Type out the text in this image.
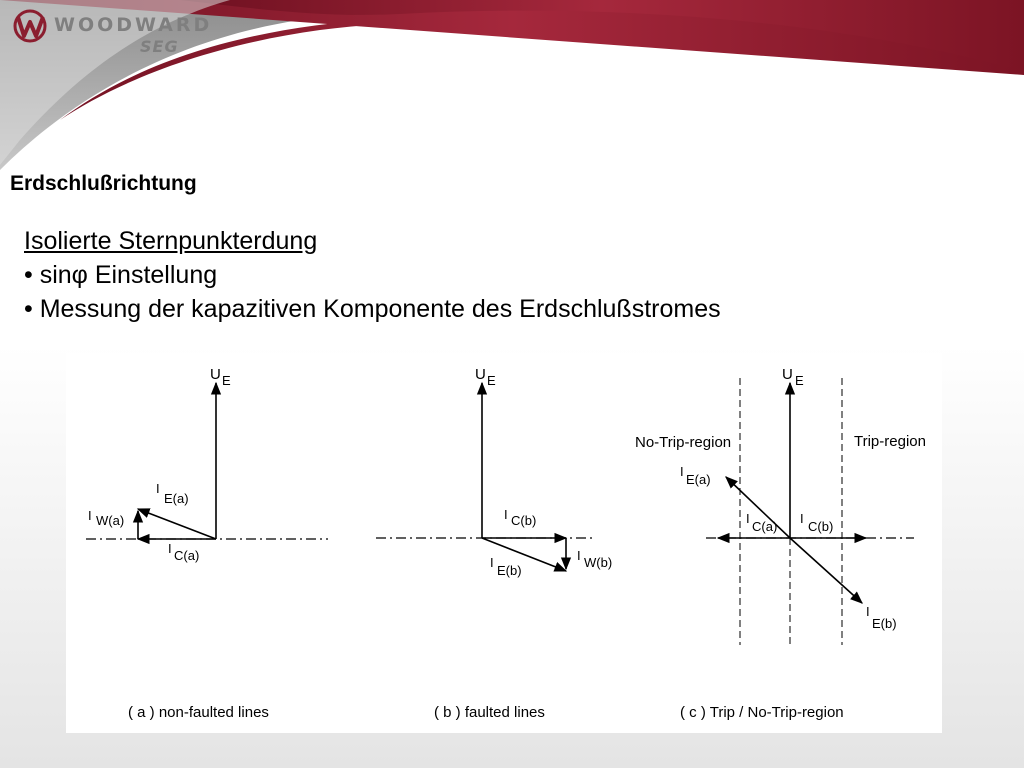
WOODWARD
SEG
Erdschlußrichtung
Isolierte Sternpunkterdung
• sinφ Einstellung
• Messung der kapazitiven Komponente des Erdschlußstromes
U E
I
E(a)
I W(a)
I C(a)
( a ) non-faulted lines
U E
I C(b)
I
E(b)
I W(b)
( b ) faulted lines
U E
No-Trip-region	Trip-region
I
E(a)
I
C(a)
I
C(b)
I
E(b)
( c ) Trip / No-Trip-region
